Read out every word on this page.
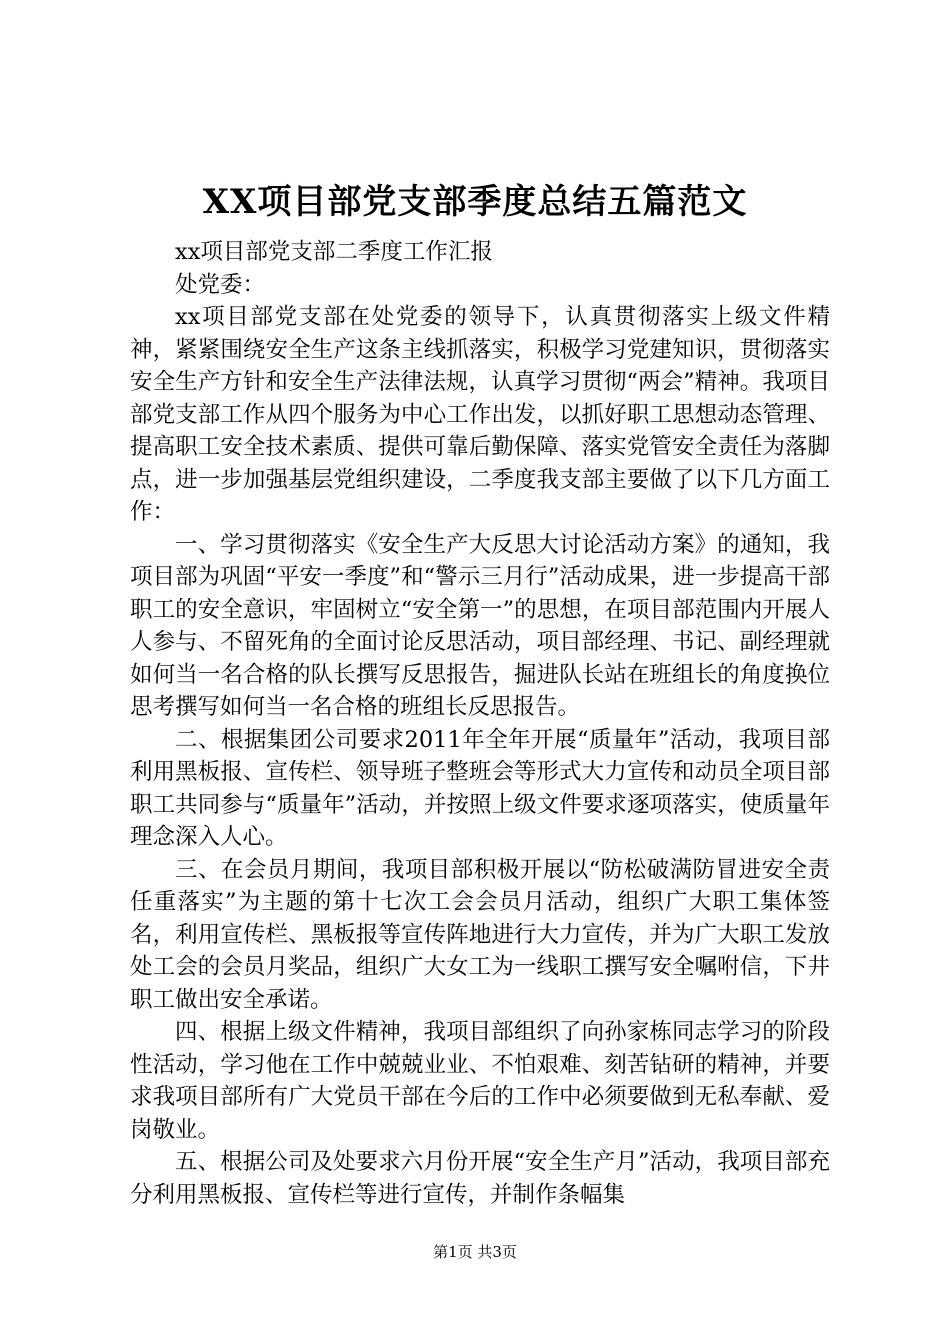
XX项目部党支部季度总结五篇范文

xx项目部党支部二季度工作汇报

处党委：

xx项目部党支部在处党委的领导下，认真贯彻落实上级文件精神，紧紧围绕安全生产这条主线抓落实，积极学习党建知识，贯彻落实安全生产方针和安全生产法律法规，认真学习贯彻“两会”精神。我项目部党支部工作从四个服务为中心工作出发，以抓好职工思想动态管理、提高职工安全技术素质、提供可靠后勤保障、落实党管安全责任为落脚点，进一步加强基层党组织建设，二季度我支部主要做了以下几方面工作：

一、学习贯彻落实《安全生产大反思大讨论活动方案》的通知，我项目部为巩固“平安一季度”和“警示三月行”活动成果，进一步提高干部职工的安全意识，牢固树立“安全第一”的思想，在项目部范围内开展人人参与、不留死角的全面讨论反思活动，项目部经理、书记、副经理就如何当一名合格的队长撰写反思报告，掘进队长站在班组长的角度换位思考撰写如何当一名合格的班组长反思报告。

二、根据集团公司要求2011年全年开展“质量年”活动，我项目部利用黑板报、宣传栏、领导班子整班会等形式大力宣传和动员全项目部职工共同参与“质量年”活动，并按照上级文件要求逐项落实，使质量年理念深入人心。

三、在会员月期间，我项目部积极开展以“防松破满防冒进安全责任重落实”为主题的第十七次工会会员月活动，组织广大职工集体签名，利用宣传栏、黑板报等宣传阵地进行大力宣传，并为广大职工发放处工会的会员月奖品，组织广大女工为一线职工撰写安全嘱咐信，下井职工做出安全承诺。

四、根据上级文件精神，我项目部组织了向孙家栋同志学习的阶段性活动，学习他在工作中兢兢业业、不怕艰难、刻苦钻研的精神，并要求我项目部所有广大党员干部在今后的工作中必须要做到无私奉献、爱岗敬业。

五、根据公司及处要求六月份开展“安全生产月”活动，我项目部充分利用黑板报、宣传栏等进行宣传，并制作条幅集

第1页 共3页
